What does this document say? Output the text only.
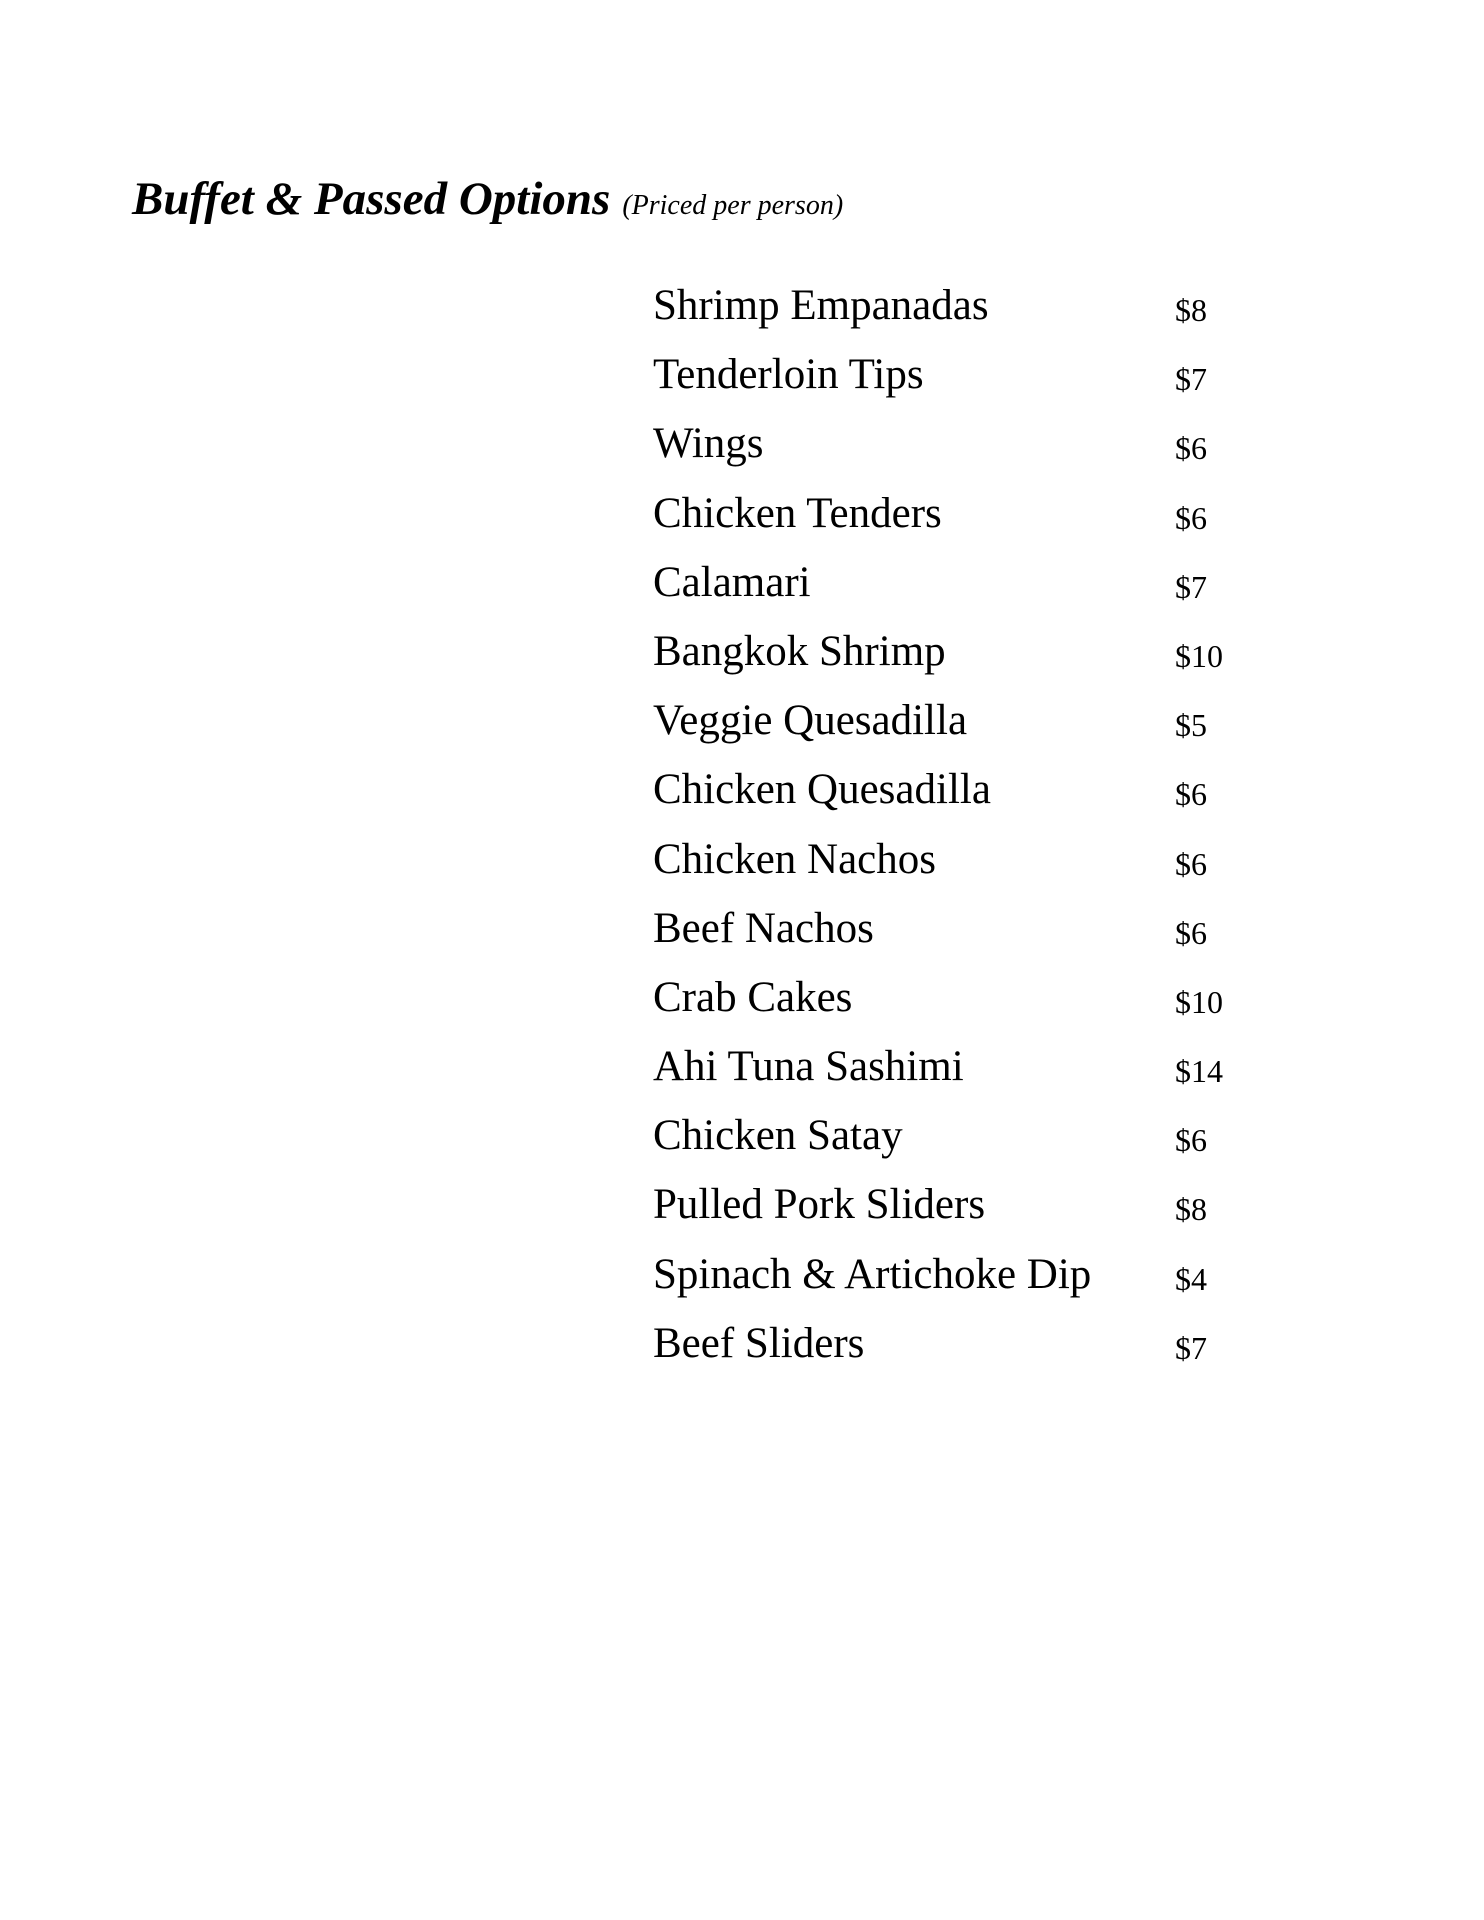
Buffet & Passed Options (Priced per person)
Shrimp Empanadas	$8
Tenderloin Tips	$7
Wings	$6
Chicken Tenders	$6
Calamari	$7
Bangkok Shrimp	$10
Veggie Quesadilla	$5
Chicken Quesadilla	$6
Chicken Nachos	$6
Beef Nachos	$6
Crab Cakes	$10
Ahi Tuna Sashimi	$14
Chicken Satay	$6
Pulled Pork Sliders	$8
Spinach & Artichoke Dip	$4
Beef Sliders	$7
